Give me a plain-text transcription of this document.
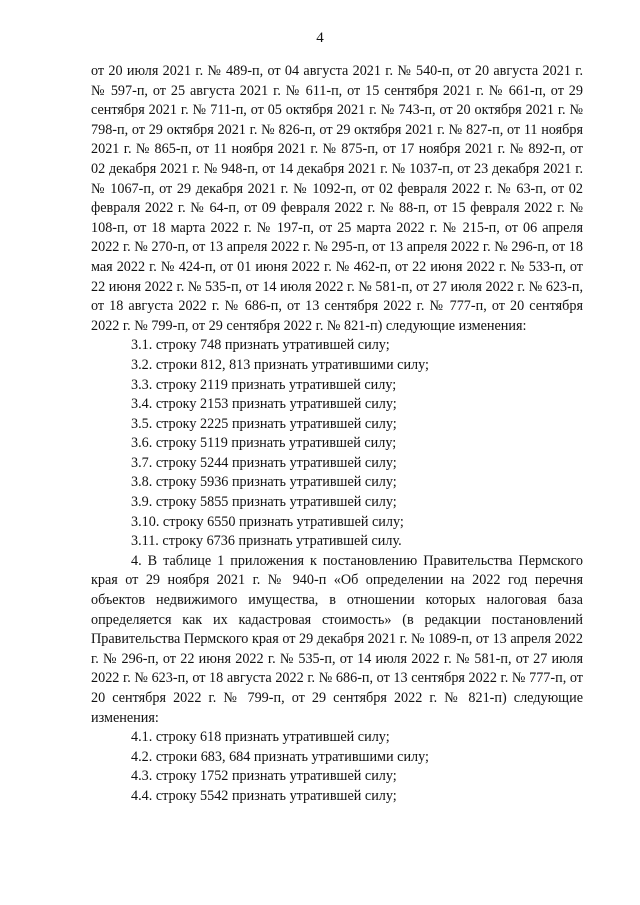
4

от 20 июля 2021 г. № 489-п, от 04 августа 2021 г. № 540-п, от 20 августа 2021 г. № 597-п, от 25 августа 2021 г. № 611-п, от 15 сентября 2021 г. № 661-п, от 29 сентября 2021 г. № 711-п, от 05 октября 2021 г. № 743-п, от 20 октября 2021 г. № 798-п, от 29 октября 2021 г. № 826-п, от 29 октября 2021 г. № 827-п, от 11 ноября 2021 г. № 865-п, от 11 ноября 2021 г. № 875-п, от 17 ноября 2021 г. № 892-п, от 02 декабря 2021 г. № 948-п, от 14 декабря 2021 г. № 1037-п, от 23 декабря 2021 г. № 1067-п, от 29 декабря 2021 г. № 1092-п, от 02 февраля 2022 г. № 63-п, от 02 февраля 2022 г. № 64-п, от 09 февраля 2022 г. № 88-п, от 15 февраля 2022 г. № 108-п, от 18 марта 2022 г. № 197-п, от 25 марта 2022 г. № 215-п, от 06 апреля 2022 г. № 270-п, от 13 апреля 2022 г. № 295-п, от 13 апреля 2022 г. № 296-п, от 18 мая 2022 г. № 424-п, от 01 июня 2022 г. № 462-п, от 22 июня 2022 г. № 533-п, от 22 июня 2022 г. № 535-п, от 14 июля 2022 г. № 581-п, от 27 июля 2022 г. № 623-п, от 18 августа 2022 г. № 686-п, от 13 сентября 2022 г. № 777-п, от 20 сентября 2022 г. № 799-п, от 29 сентября 2022 г. № 821-п) следующие изменения:

3.1. строку 748 признать утратившей силу;
3.2. строки 812, 813 признать утратившими силу;
3.3. строку 2119 признать утратившей силу;
3.4. строку 2153 признать утратившей силу;
3.5. строку 2225 признать утратившей силу;
3.6. строку 5119 признать утратившей силу;
3.7. строку 5244 признать утратившей силу;
3.8. строку 5936 признать утратившей силу;
3.9. строку 5855 признать утратившей силу;
3.10. строку 6550 признать утратившей силу;
3.11. строку 6736 признать утратившей силу.

4. В таблице 1 приложения к постановлению Правительства Пермского края от 29 ноября 2021 г. № 940-п «Об определении на 2022 год перечня объектов недвижимого имущества, в отношении которых налоговая база определяется как их кадастровая стоимость» (в редакции постановлений Правительства Пермского края от 29 декабря 2021 г. № 1089-п, от 13 апреля 2022 г. № 296-п, от 22 июня 2022 г. № 535-п, от 14 июля 2022 г. № 581-п, от 27 июля 2022 г. № 623-п, от 18 августа 2022 г. № 686-п, от 13 сентября 2022 г. № 777-п, от 20 сентября 2022 г. № 799-п, от 29 сентября 2022 г. № 821-п) следующие изменения:

4.1. строку 618 признать утратившей силу;
4.2. строки 683, 684 признать утратившими силу;
4.3. строку 1752 признать утратившей силу;
4.4. строку 5542 признать утратившей силу;
